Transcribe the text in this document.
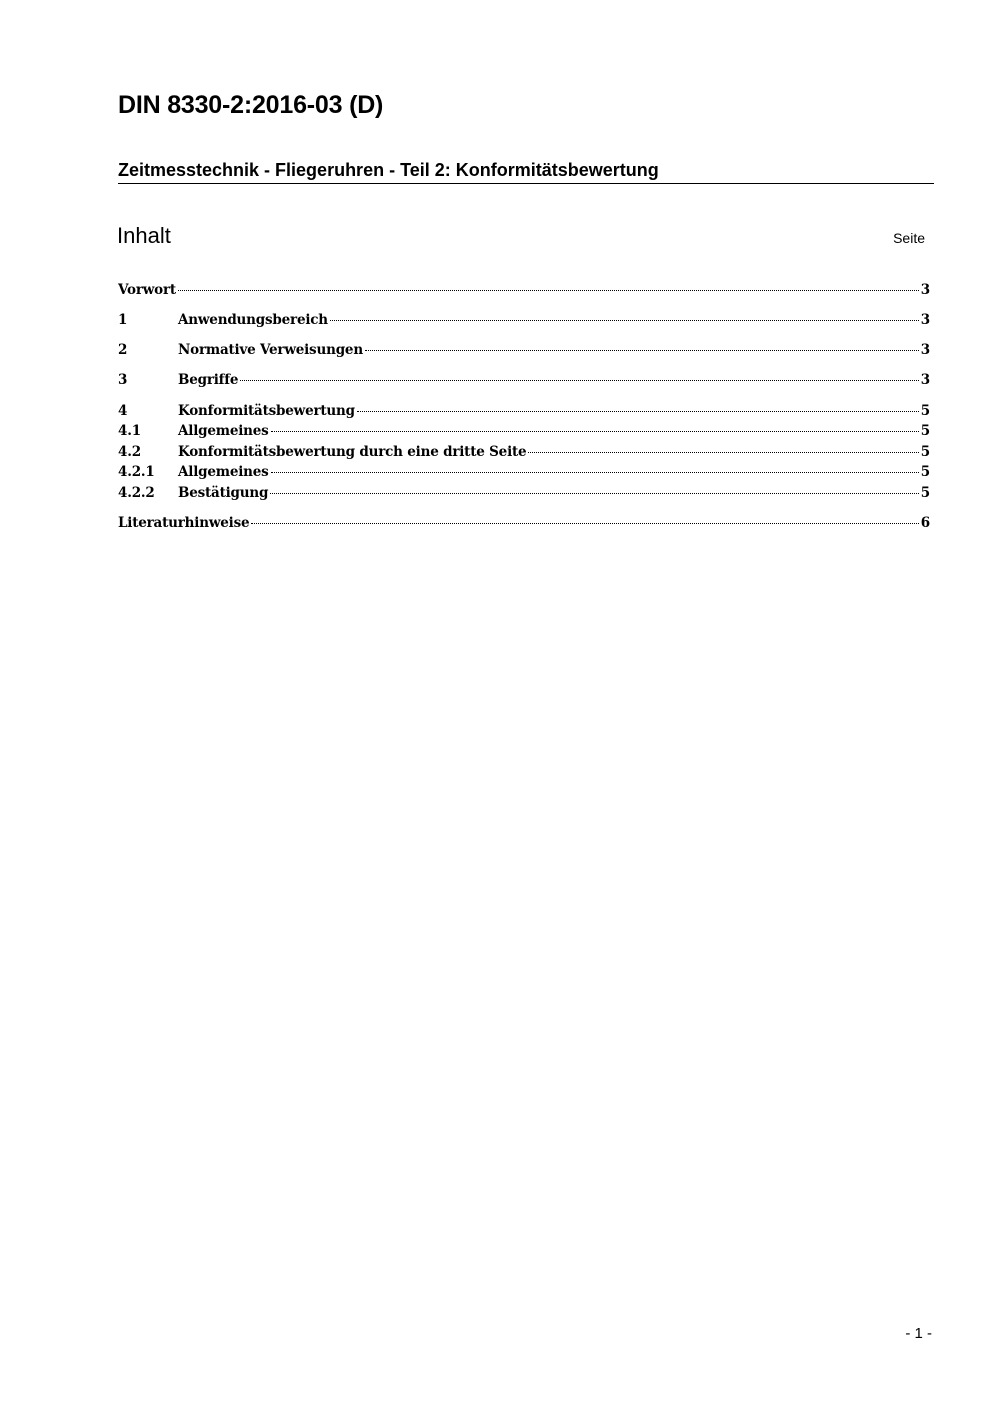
DIN 8330-2:2016-03 (D)
Zeitmesstechnik - Fliegeruhren - Teil 2: Konformitätsbewertung
Inhalt	Seite
Vorwort	3
1	Anwendungsbereich	3
2	Normative Verweisungen	3
3	Begriffe	3
4	Konformitätsbewertung	5
4.1	Allgemeines	5
4.2	Konformitätsbewertung durch eine dritte Seite	5
4.2.1	Allgemeines	5
4.2.2	Bestätigung	5
Literaturhinweise	6
- 1 -
